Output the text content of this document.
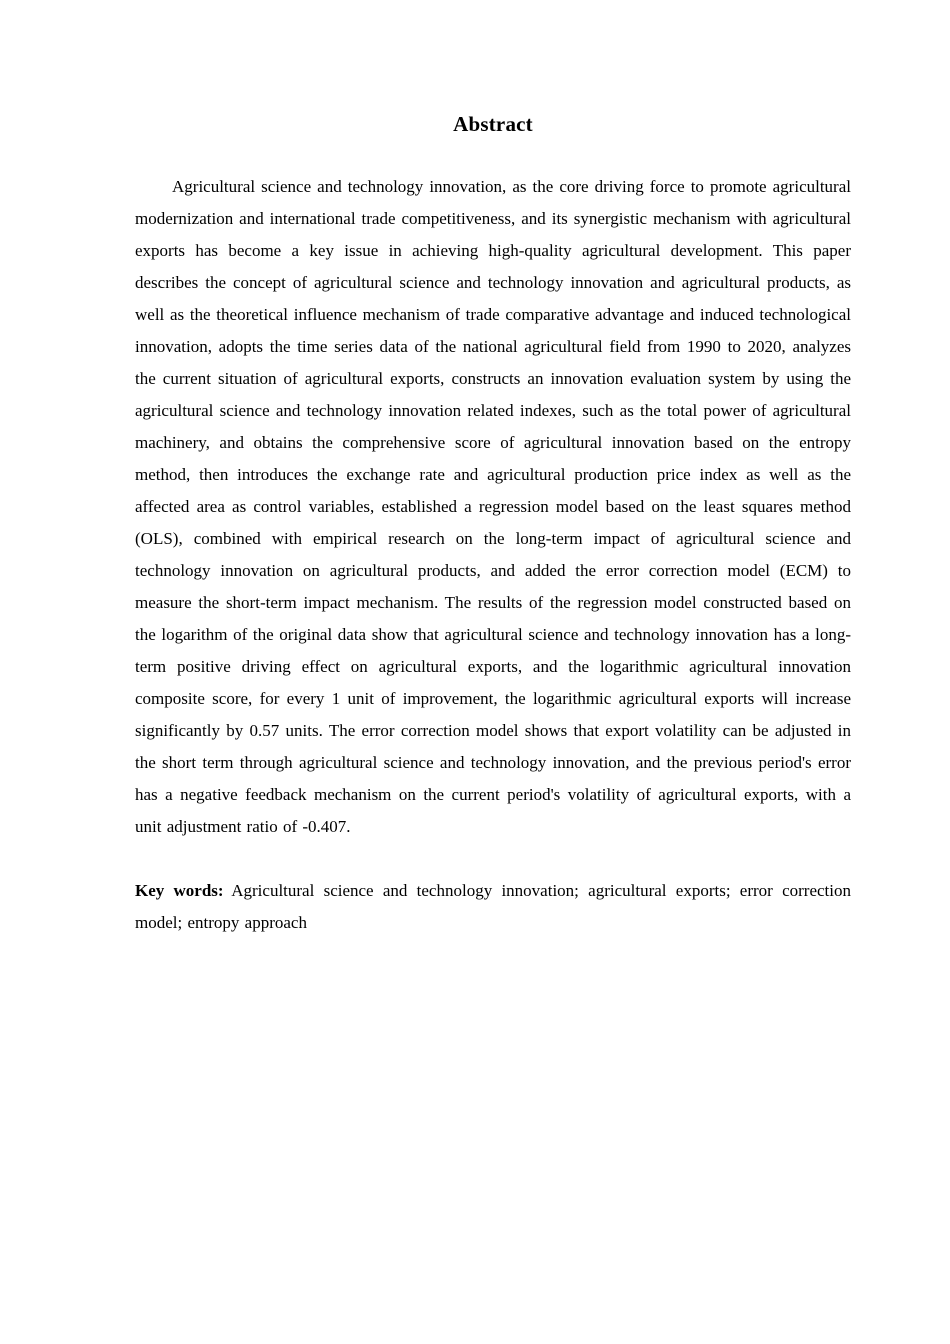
Abstract

Agricultural science and technology innovation, as the core driving force to promote agricultural modernization and international trade competitiveness, and its synergistic mechanism with agricultural exports has become a key issue in achieving high-quality agricultural development. This paper describes the concept of agricultural science and technology innovation and agricultural products, as well as the theoretical influence mechanism of trade comparative advantage and induced technological innovation, adopts the time series data of the national agricultural field from 1990 to 2020, analyzes the current situation of agricultural exports, constructs an innovation evaluation system by using the agricultural science and technology innovation related indexes, such as the total power of agricultural machinery, and obtains the comprehensive score of agricultural innovation based on the entropy method, then introduces the exchange rate and agricultural production price index as well as the affected area as control variables, established a regression model based on the least squares method (OLS), combined with empirical research on the long-term impact of agricultural science and technology innovation on agricultural products, and added the error correction model (ECM) to measure the short-term impact mechanism. The results of the regression model constructed based on the logarithm of the original data show that agricultural science and technology innovation has a long-term positive driving effect on agricultural exports, and the logarithmic agricultural innovation composite score, for every 1 unit of improvement, the logarithmic agricultural exports will increase significantly by 0.57 units. The error correction model shows that export volatility can be adjusted in the short term through agricultural science and technology innovation, and the previous period's error has a negative feedback mechanism on the current period's volatility of agricultural exports, with a unit adjustment ratio of -0.407.

Key words: Agricultural science and technology innovation; agricultural exports; error correction model; entropy approach
